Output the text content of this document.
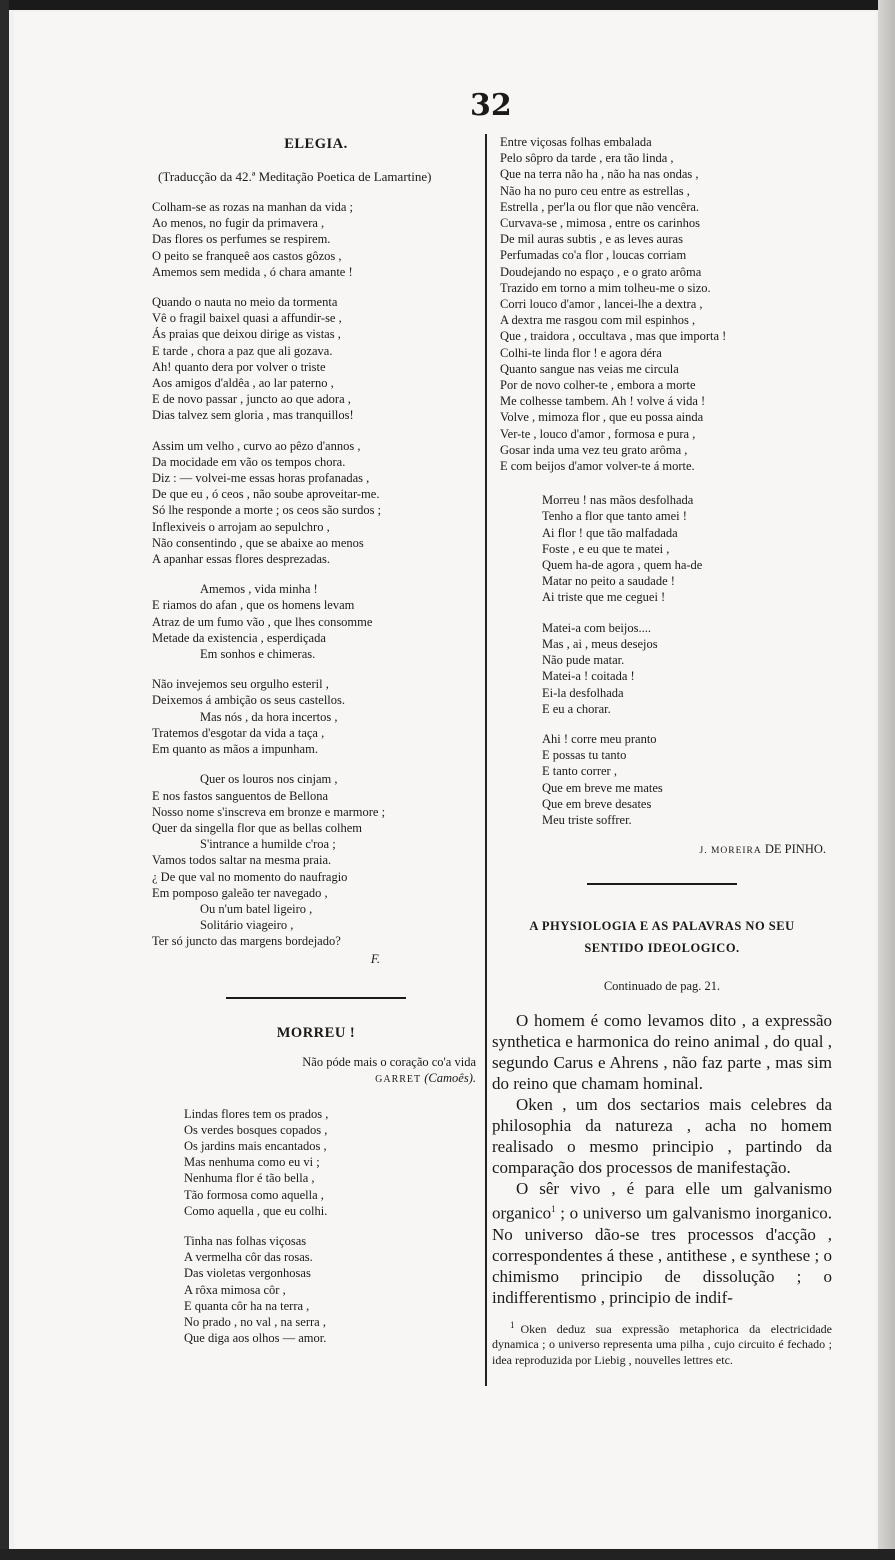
32
ELEGIA.
(Traducção da 42.ª Meditação Poetica de Lamartine)
Colham-se as rozas na manhan da vida ;
Ao menos, no fugir da primavera ,
Das flores os perfumes se respirem.
O peito se franqueê aos castos gôzos ,
Amemos sem medida , ó chara amante !
Quando o nauta no meio da tormenta
Vê o fragil baixel quasi a affundir-se ,
Ás praias que deixou dirige as vistas ,
E tarde , chora a paz que ali gozava.
Ah! quanto dera por volver o triste
Aos amigos d'aldêa , ao lar paterno ,
E de novo passar , juncto ao que adora ,
Dias talvez sem gloria , mas tranquillos!
Assim um velho , curvo ao pêzo d'annos ,
Da mocidade em vão os tempos chora.
Diz : — volvei-me essas horas profanadas ,
De que eu , ó ceos , não soube aproveitar-me.
Só lhe responde a morte ; os ceos são surdos ;
Inflexiveis o arrojam ao sepulchro ,
Não consentindo , que se abaixe ao menos
A apanhar essas flores desprezadas.
Amemos , vida minha !
E riamos do afan , que os homens levam
Atraz de um fumo vão , que lhes consomme
Metade da existencia , esperdiçada
Em sonhos e chimeras.
Não invejemos seu orgulho esteril ,
Deixemos á ambição os seus castellos.
Mas nós , da hora incertos ,
Tratemos d'esgotar da vida a taça ,
Em quanto as mãos a impunham.
Quer os louros nos cinjam ,
E nos fastos sanguentos de Bellona
Nosso nome s'inscreva em bronze e marmore ;
Quer da singella flor que as bellas colhem
S'intrance a humilde c'roa ;
Vamos todos saltar na mesma praia.
¿ De que val no momento do naufragio
Em pomposo galeão ter navegado ,
Ou n'um batel ligeiro ,
Solitário viageiro ,
Ter só juncto das margens bordejado?
F.
MORREU !
Não póde mais o coração co'a vida
GARRET (Camoês).
Lindas flores tem os prados ,
Os verdes bosques copados ,
Os jardins mais encantados ,
Mas nenhuma como eu vi ;
Nenhuma flor é tão bella ,
Tão formosa como aquella ,
Como aquella , que eu colhi.
Tinha nas folhas viçosas
A vermelha côr das rosas.
Das violetas vergonhosas
A rôxa mimosa côr ,
E quanta côr ha na terra ,
No prado , no val , na serra ,
Que diga aos olhos — amor.
Entre viçosas folhas embalada
Pelo sôpro da tarde , era tão linda ,
Que na terra não ha , não ha nas ondas ,
Não ha no puro ceu entre as estrellas ,
Estrella , per'la ou flor que não vencêra.
Curvava-se , mimosa , entre os carinhos
De mil auras subtis , e as leves auras
Perfumadas co'a flor , loucas corriam
Doudejando no espaço , e o grato arôma
Trazido em torno a mim tolheu-me o sizo.
Corri louco d'amor , lancei-lhe a dextra ,
A dextra me rasgou com mil espinhos ,
Que , traidora , occultava , mas que importa !
Colhi-te linda flor ! e agora déra
Quanto sangue nas veias me circula
Por de novo colher-te , embora a morte
Me colhesse tambem. Ah ! volve á vida !
Volve , mimoza flor , que eu possa ainda
Ver-te , louco d'amor , formosa e pura ,
Gosar inda uma vez teu grato arôma ,
E com beijos d'amor volver-te á morte.
Morreu ! nas mãos desfolhada
Tenho a flor que tanto amei !
Ai flor ! que tão malfadada
Foste , e eu que te matei ,
Quem ha-de agora , quem ha-de
Matar no peito a saudade !
Ai triste que me ceguei !
Matei-a com beijos....
Mas , ai , meus desejos
Não pude matar.
Matei-a ! coitada !
Ei-la desfolhada
E eu a chorar.
Ahi ! corre meu pranto
E possas tu tanto
E tanto correr ,
Que em breve me mates
Que em breve desates
Meu triste soffrer.
J. MOREIRA DE PINHO.
A PHYSIOLOGIA E AS PALAVRAS NO SEU
SENTIDO IDEOLOGICO.
Continuado de pag. 21.

O homem é como levamos dito , a expressão synthetica e harmonica do reino animal , do qual , segundo Carus e Ahrens , não faz parte , mas sim do reino que chamam hominal.

Oken , um dos sectarios mais celebres da philosophia da natureza , acha no homem realisado o mesmo principio , partindo da comparação dos processos de manifestação.

O sêr vivo , é para elle um galvanismo organico$^1$ ; o universo um galvanismo inorganico. No universo dão-se tres processos d'acção , correspondentes á these , antithese , e synthese ; o chimismo principio de dissolução ; o indifferentismo , principio de indif-

$^1$ Oken deduz sua expressão metaphorica da electricidade dynamica ; o universo representa uma pilha , cujo circuito é fechado ; idea reproduzida por Liebig , nouvelles lettres etc.
